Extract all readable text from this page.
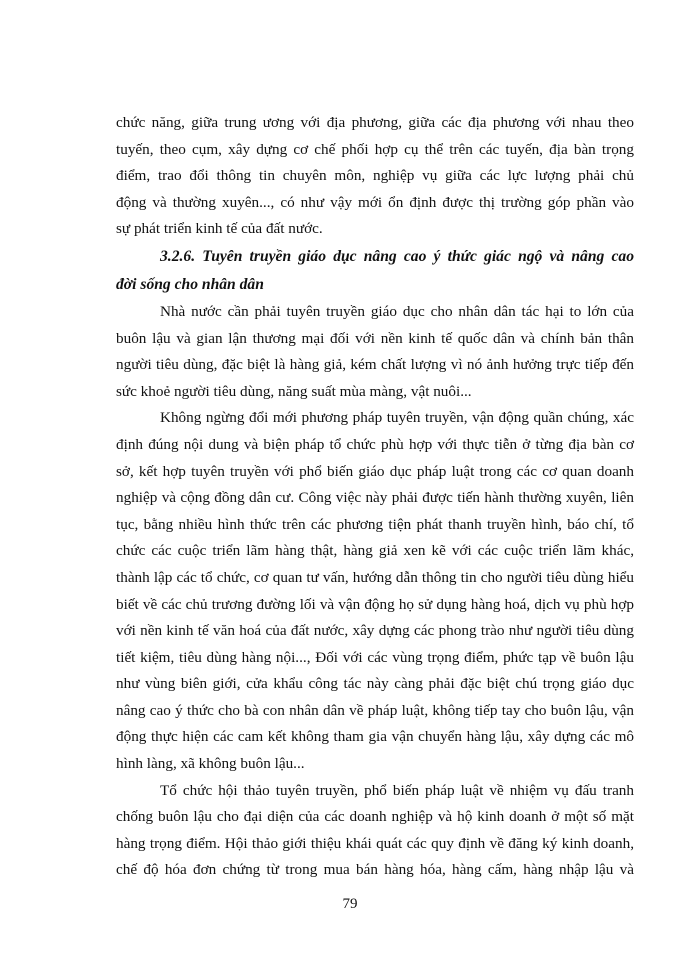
chức năng, giữa trung ương với địa phương, giữa các địa phương với nhau theo
tuyến, theo cụm, xây dựng cơ chế phối hợp cụ thể trên các tuyến, địa bàn trọng
điểm, trao đổi thông tin chuyên môn, nghiệp vụ giữa các lực lượng phải chủ
động và thường xuyên..., có như vậy mới ổn định được thị trường góp phần vào
sự phát triển kinh tế của đất nước.
3.2.6. Tuyên truyền giáo dục nâng cao ý thức giác ngộ và nâng cao
đời sống cho nhân dân
Nhà nước cần phải tuyên truyền giáo dục cho nhân dân tác hại to lớn của
buôn lậu và gian lận thương mại đối với nền kinh tế quốc dân và chính bản thân
người tiêu dùng, đặc biệt là hàng giả, kém chất lượng vì nó ảnh hưởng trực tiếp đến
sức khoẻ người tiêu dùng, năng suất mùa màng, vật nuôi...
Không ngừng đổi mới phương pháp tuyên truyền, vận động quần chúng, xác
định đúng nội dung và biện pháp tổ chức phù hợp với thực tiễn ở từng địa bàn cơ
sở, kết hợp tuyên truyền với phổ biến giáo dục pháp luật trong các cơ quan doanh
nghiệp và cộng đồng dân cư. Công việc này phải được tiến hành thường xuyên, liên
tục, bằng nhiều hình thức trên các phương tiện phát thanh truyền hình, báo chí, tổ
chức các cuộc triển lãm hàng thật, hàng giả xen kẽ với các cuộc triển lãm khác,
thành lập các tổ chức, cơ quan tư vấn, hướng dẫn thông tin cho người tiêu dùng hiểu
biết về các chủ trương đường lối và vận động họ sử dụng hàng hoá, dịch vụ phù hợp
với nền kinh tế văn hoá của đất nước, xây dựng các phong trào như người tiêu dùng
tiết kiệm, tiêu dùng hàng nội..., Đối với các vùng trọng điểm, phức tạp về buôn lậu
như vùng biên giới, cửa khẩu công tác này càng phải đặc biệt chú trọng giáo dục
nâng cao ý thức cho bà con nhân dân về pháp luật, không tiếp tay cho buôn lậu, vận
động thực hiện các cam kết không tham gia vận chuyển hàng lậu, xây dựng các mô
hình làng, xã không buôn lậu...
Tổ chức hội thảo tuyên truyền, phổ biến pháp luật về nhiệm vụ đấu tranh
chống buôn lậu cho đại diện của các doanh nghiệp và hộ kinh doanh ở một số mặt
hàng trọng điểm. Hội thảo giới thiệu khái quát các quy định về đăng ký kinh doanh,
chế độ hóa đơn chứng từ trong mua bán hàng hóa, hàng cấm, hàng nhập lậu và
79
